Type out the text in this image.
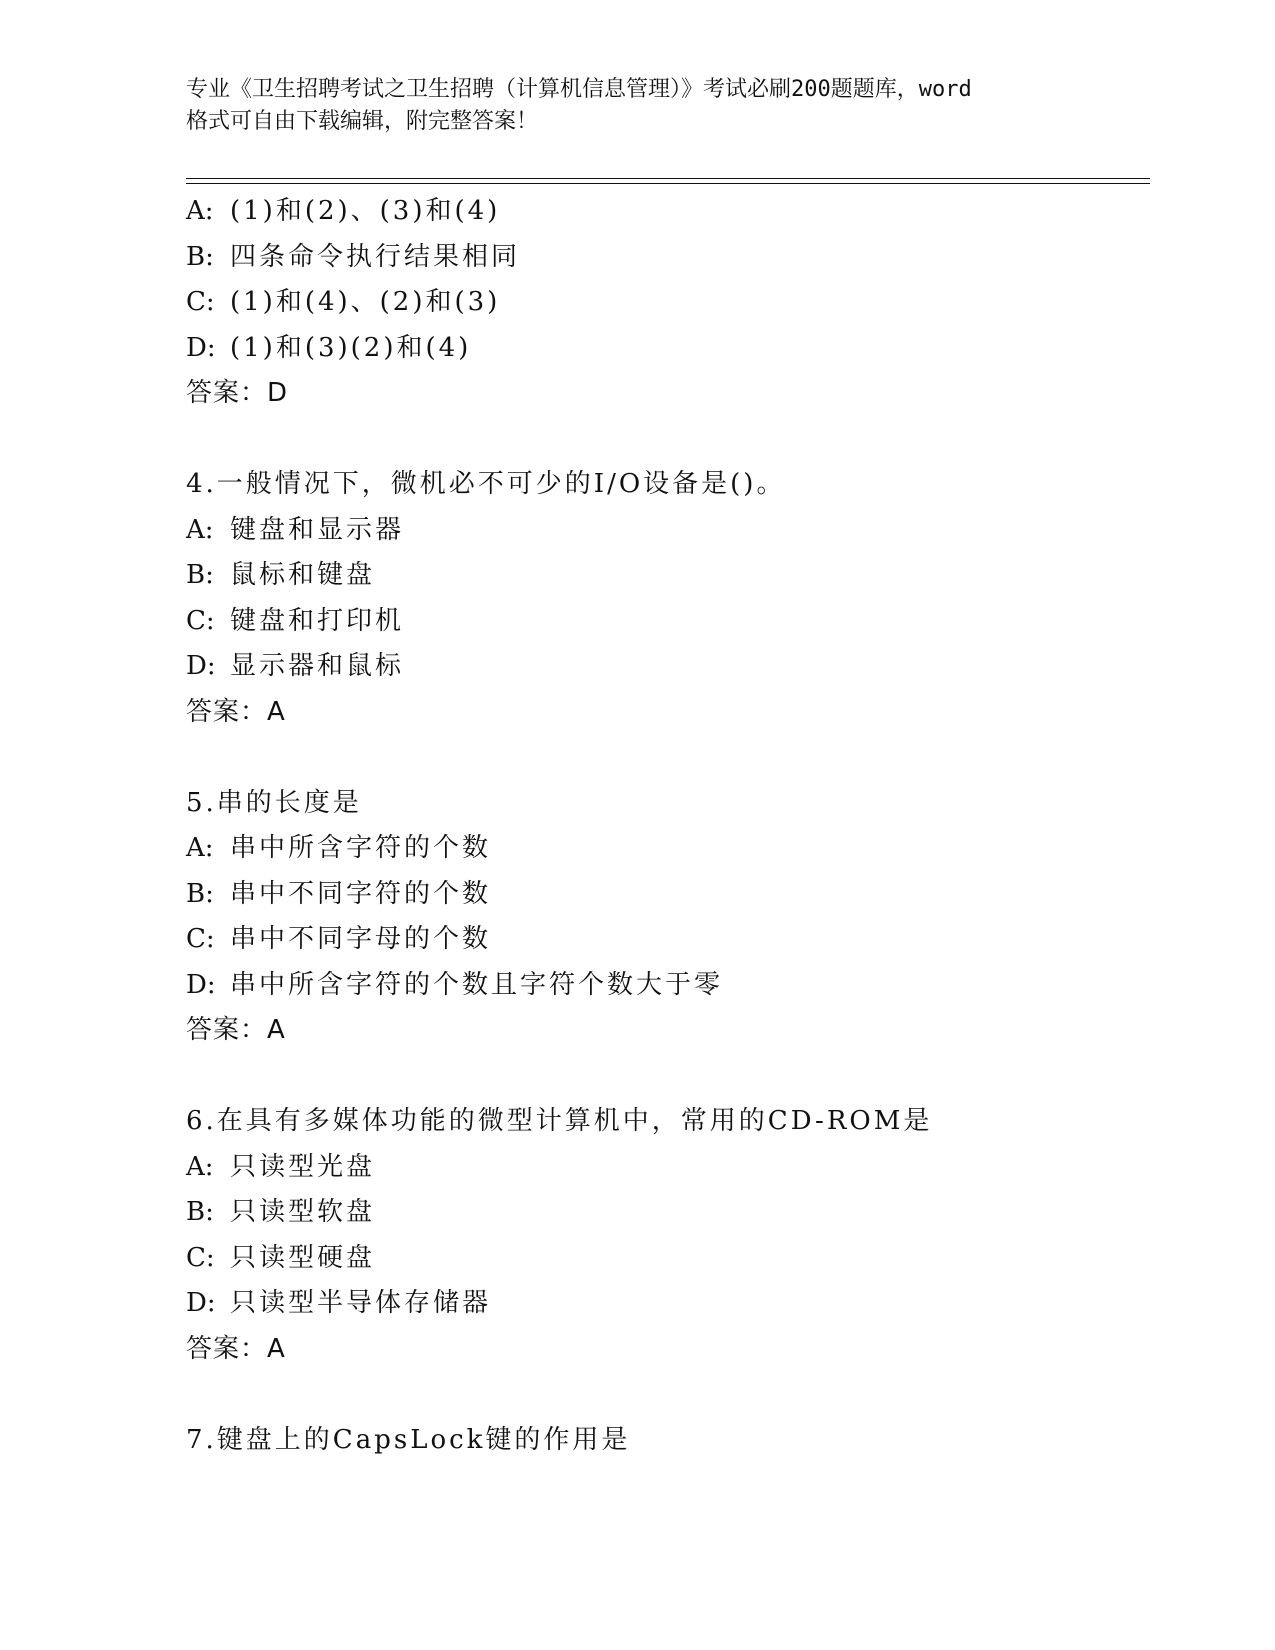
专业《卫生招聘考试之卫生招聘（计算机信息管理）》考试必刷200题题库，word
格式可自由下载编辑，附完整答案！
A: (1)和(2)、(3)和(4)
B: 四条命令执行结果相同
C: (1)和(4)、(2)和(3)
D: (1)和(3)(2)和(4)
答案：D
4.一般情况下，微机必不可少的I/O设备是()。
A: 键盘和显示器
B: 鼠标和键盘
C: 键盘和打印机
D: 显示器和鼠标
答案：A
5.串的长度是
A: 串中所含字符的个数
B: 串中不同字符的个数
C: 串中不同字母的个数
D: 串中所含字符的个数且字符个数大于零
答案：A
6.在具有多媒体功能的微型计算机中，常用的CD-ROM是
A: 只读型光盘
B: 只读型软盘
C: 只读型硬盘
D: 只读型半导体存储器
答案：A
7.键盘上的CapsLock键的作用是
